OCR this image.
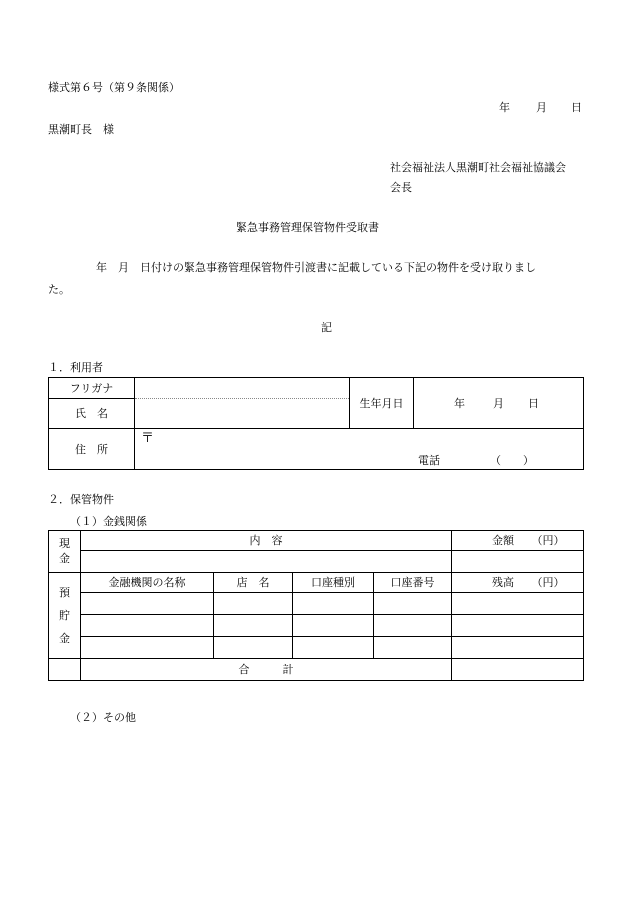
様式第６号（第９条関係）
年 月 日
黒潮町長　様
社会福祉法人黒潮町社会福祉協議会
会長
緊急事務管理保管物件受取書
年　月　日付けの緊急事務管理保管物件引渡書に記載している下記の物件を受け取りまし
た。
記
１．利用者
フリガナ		生年月日	年 月 日

氏　名			
住　所	〒
電話 （　　）		
２．保管物件
（１）金銭関係
現金	内　容				金額 （円）

預
貯
金	金融機関の名称	店　名	口座種別	口座番号	残高 （円）

	合　　　計				
（２）その他
